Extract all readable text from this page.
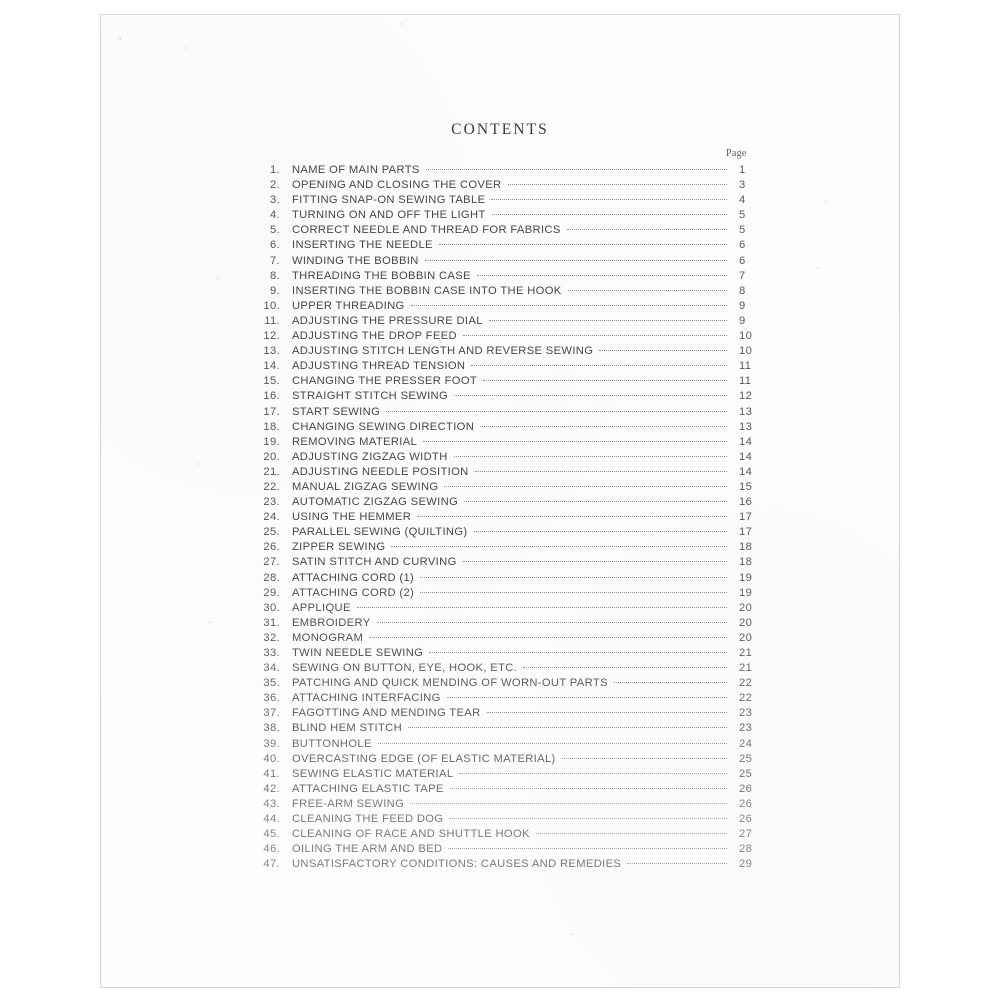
CONTENTS
Page
1.	NAME OF MAIN PARTS	1
2.	OPENING AND CLOSING THE COVER	3
3.	FITTING SNAP-ON SEWING TABLE	4
4.	TURNING ON AND OFF THE LIGHT	5
5.	CORRECT NEEDLE AND THREAD FOR FABRICS	5
6.	INSERTING THE NEEDLE	6
7.	WINDING THE BOBBIN	6
8.	THREADING THE BOBBIN CASE	7
9.	INSERTING THE BOBBIN CASE INTO THE HOOK	8
10.	UPPER THREADING	9
11.	ADJUSTING THE PRESSURE DIAL	9
12.	ADJUSTING THE DROP FEED	10
13.	ADJUSTING STITCH LENGTH AND REVERSE SEWING	10
14.	ADJUSTING THREAD TENSION	11
15.	CHANGING THE PRESSER FOOT	11
16.	STRAIGHT STITCH SEWING	12
17.	START SEWING	13
18.	CHANGING SEWING DIRECTION	13
19.	REMOVING MATERIAL	14
20.	ADJUSTING ZIGZAG WIDTH	14
21.	ADJUSTING NEEDLE POSITION	14
22.	MANUAL ZIGZAG SEWING	15
23.	AUTOMATIC ZIGZAG SEWING	16
24.	USING THE HEMMER	17
25.	PARALLEL SEWING (QUILTING)	17
26.	ZIPPER SEWING	18
27.	SATIN STITCH AND CURVING	18
28.	ATTACHING CORD (1)	19
29.	ATTACHING CORD (2)	19
30.	APPLIQUE	20
31.	EMBROIDERY	20
32.	MONOGRAM	20
33.	TWIN NEEDLE SEWING	21
34.	SEWING ON BUTTON, EYE, HOOK, ETC.	21
35.	PATCHING AND QUICK MENDING OF WORN-OUT PARTS	22
36.	ATTACHING INTERFACING	22
37.	FAGOTTING AND MENDING TEAR	23
38.	BLIND HEM STITCH	23
39.	BUTTONHOLE	24
40.	OVERCASTING EDGE (OF ELASTIC MATERIAL)	25
41.	SEWING ELASTIC MATERIAL	25
42.	ATTACHING ELASTIC TAPE	26
43.	FREE-ARM SEWING	26
44.	CLEANING THE FEED DOG	26
45.	CLEANING OF RACE AND SHUTTLE HOOK	27
46.	OILING THE ARM AND BED	28
47.	UNSATISFACTORY CONDITIONS: CAUSES AND REMEDIES	29
